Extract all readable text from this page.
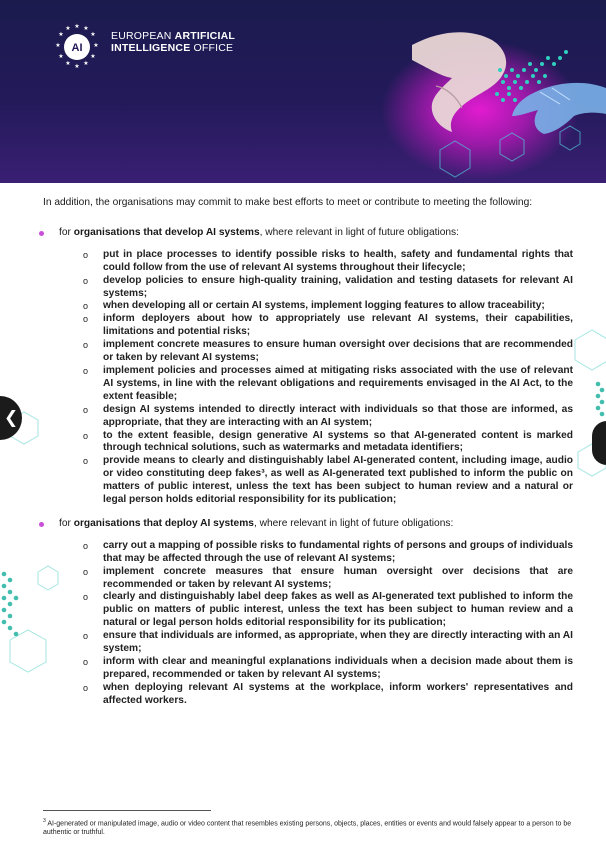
★ ★
★
★
★
★
★
★
★
★
★
★
AI
EUROPEAN ARTIFICIAL
INTELLIGENCE OFFICE
❮

In addition, the organisations may commit to make best efforts to meet or contribute to meeting the following:

for organisations that develop AI systems, where relevant in light of future obligations:
o put in place processes to identify possible risks to health, safety and fundamental rights that could follow from the use of relevant AI systems throughout their lifecycle;
o develop policies to ensure high-quality training, validation and testing datasets for relevant AI systems;
o when developing all or certain AI systems, implement logging features to allow traceability;
o inform deployers about how to appropriately use relevant AI systems, their capabilities, limitations and potential risks;
o implement concrete measures to ensure human oversight over decisions that are recommended or taken by relevant AI systems;
o implement policies and processes aimed at mitigating risks associated with the use of relevant AI systems, in line with the relevant obligations and requirements envisaged in the AI Act, to the extent feasible;
o design AI systems intended to directly interact with individuals so that those are informed, as appropriate, that they are interacting with an AI system;
o to the extent feasible, design generative AI systems so that AI-generated content is marked through technical solutions, such as watermarks and metadata identifiers;
o provide means to clearly and distinguishably label AI-generated content, including image, audio or video constituting deep fakes³, as well as AI-generated text published to inform the public on matters of public interest, unless the text has been subject to human review and a natural or legal person holds editorial responsibility for its publication;
for organisations that deploy AI systems, where relevant in light of future obligations:
o carry out a mapping of possible risks to fundamental rights of persons and groups of individuals that may be affected through the use of relevant AI systems;
o implement concrete measures that ensure human oversight over decisions that are recommended or taken by relevant AI systems;
o clearly and distinguishably label deep fakes as well as AI-generated text published to inform the public on matters of public interest, unless the text has been subject to human review and a natural or legal person holds editorial responsibility for its publication;
o ensure that individuals are informed, as appropriate, when they are directly interacting with an AI system;
o inform with clear and meaningful explanations individuals when a decision made about them is prepared, recommended or taken by relevant AI systems;
o when deploying relevant AI systems at the workplace, inform workers' representatives and affected workers.
$^3$ AI-generated or manipulated image, audio or video content that resembles existing persons, objects, places, entities or events and would falsely appear to a person to be authentic or truthful.
